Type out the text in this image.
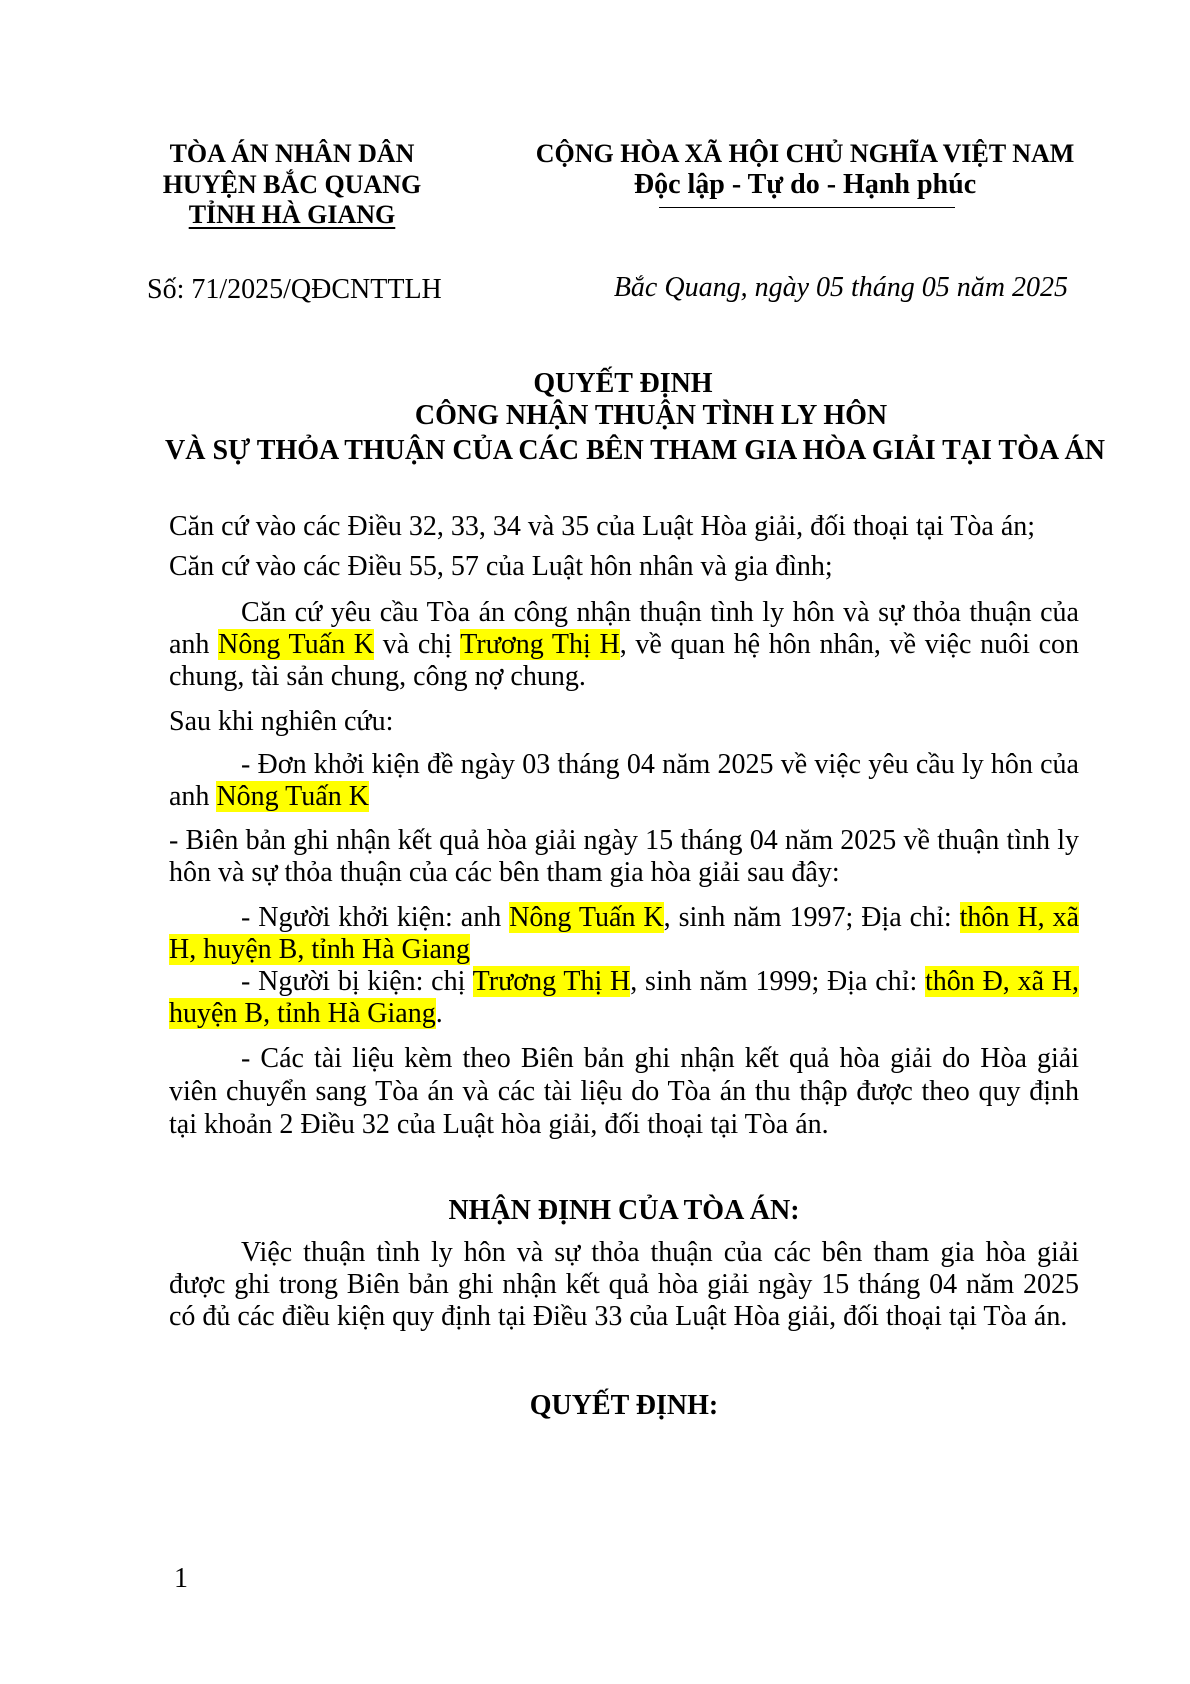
TÒA ÁN NHÂN DÂN
HUYỆN BẮC QUANG
TỈNH HÀ GIANG
CỘNG HÒA XÃ HỘI CHỦ NGHĨA VIỆT NAM
Độc lập - Tự do - Hạnh phúc
Số: 71/2025/QĐCNTTLH	Bắc Quang, ngày 05 tháng 05 năm 2025
QUYẾT ĐỊNH
CÔNG NHẬN THUẬN TÌNH LY HÔN
VÀ SỰ THỎA THUẬN CỦA CÁC BÊN THAM GIA HÒA GIẢI TẠI TÒA ÁN

Căn cứ vào các Điều 32, 33, 34 và 35 của Luật Hòa giải, đối thoại tại Tòa án;

Căn cứ vào các Điều 55, 57 của Luật hôn nhân và gia đình;

Căn cứ yêu cầu Tòa án công nhận thuận tình ly hôn và sự thỏa thuận của anh Nông Tuấn K và chị Trương Thị H, về quan hệ hôn nhân, về việc nuôi con chung, tài sản chung, công nợ chung.

Sau khi nghiên cứu:

- Đơn khởi kiện đề ngày 03 tháng 04 năm 2025 về việc yêu cầu ly hôn của anh Nông Tuấn K

- Biên bản ghi nhận kết quả hòa giải ngày 15 tháng 04 năm 2025 về thuận tình ly hôn và sự thỏa thuận của các bên tham gia hòa giải sau đây:

- Người khởi kiện: anh Nông Tuấn K, sinh năm 1997; Địa chỉ: thôn H, xã H, huyện B, tỉnh Hà Giang

- Người bị kiện: chị Trương Thị H, sinh năm 1999; Địa chỉ: thôn Đ, xã H, huyện B, tỉnh Hà Giang.

- Các tài liệu kèm theo Biên bản ghi nhận kết quả hòa giải do Hòa giải viên chuyển sang Tòa án và các tài liệu do Tòa án thu thập được theo quy định tại khoản 2 Điều 32 của Luật hòa giải, đối thoại tại Tòa án.

NHẬN ĐỊNH CỦA TÒA ÁN:

Việc thuận tình ly hôn và sự thỏa thuận của các bên tham gia hòa giải được ghi trong Biên bản ghi nhận kết quả hòa giải ngày 15 tháng 04 năm 2025 có đủ các điều kiện quy định tại Điều 33 của Luật Hòa giải, đối thoại tại Tòa án.

QUYẾT ĐỊNH:
1
